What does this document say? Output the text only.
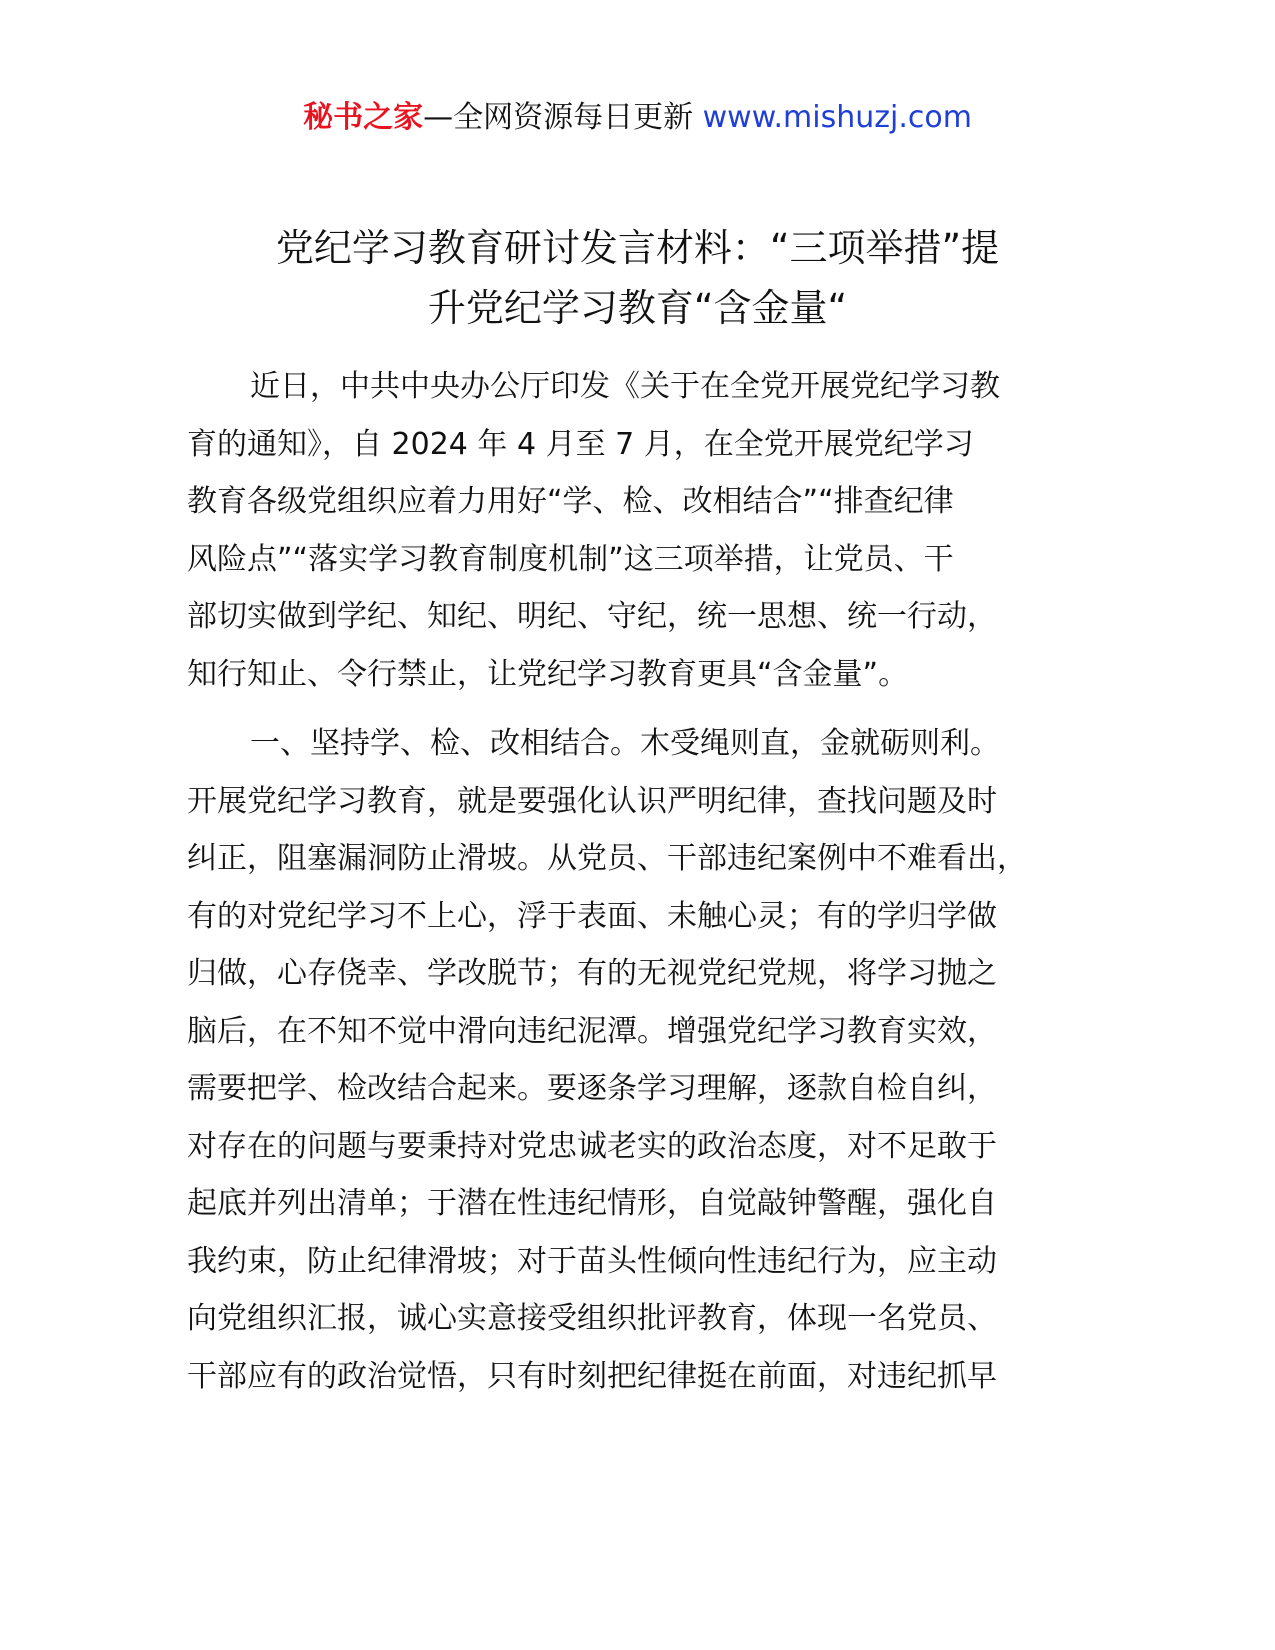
秘书之家—全网资源每日更新 www.mishuzj.com
党纪学习教育研讨发言材料：“三项举措”提
升党纪学习教育“含金量“
近日，中共中央办公厅印发《关于在全党开展党纪学习教
育的通知》，自 2024 年 4 月至 7 月，在全党开展党纪学习
教育各级党组织应着力用好“学、检、改相结合”“排查纪律
风险点”“落实学习教育制度机制”这三项举措，让党员、干
部切实做到学纪、知纪、明纪、守纪，统一思想、统一行动，
知行知止、令行禁止，让党纪学习教育更具“含金量”。
一、坚持学、检、改相结合。木受绳则直，金就砺则利。
开展党纪学习教育，就是要强化认识严明纪律，查找问题及时
纠正，阻塞漏洞防止滑坡。从党员、干部违纪案例中不难看出，
有的对党纪学习不上心，浮于表面、未触心灵；有的学归学做
归做，心存侥幸、学改脱节；有的无视党纪党规，将学习抛之
脑后，在不知不觉中滑向违纪泥潭。增强党纪学习教育实效，
需要把学、检改结合起来。要逐条学习理解，逐款自检自纠，
对存在的问题与要秉持对党忠诚老实的政治态度，对不足敢于
起底并列出清单；于潜在性违纪情形，自觉敲钟警醒，强化自
我约束，防止纪律滑坡；对于苗头性倾向性违纪行为，应主动
向党组织汇报，诚心实意接受组织批评教育，体现一名党员、
干部应有的政治觉悟，只有时刻把纪律挺在前面，对违纪抓早
